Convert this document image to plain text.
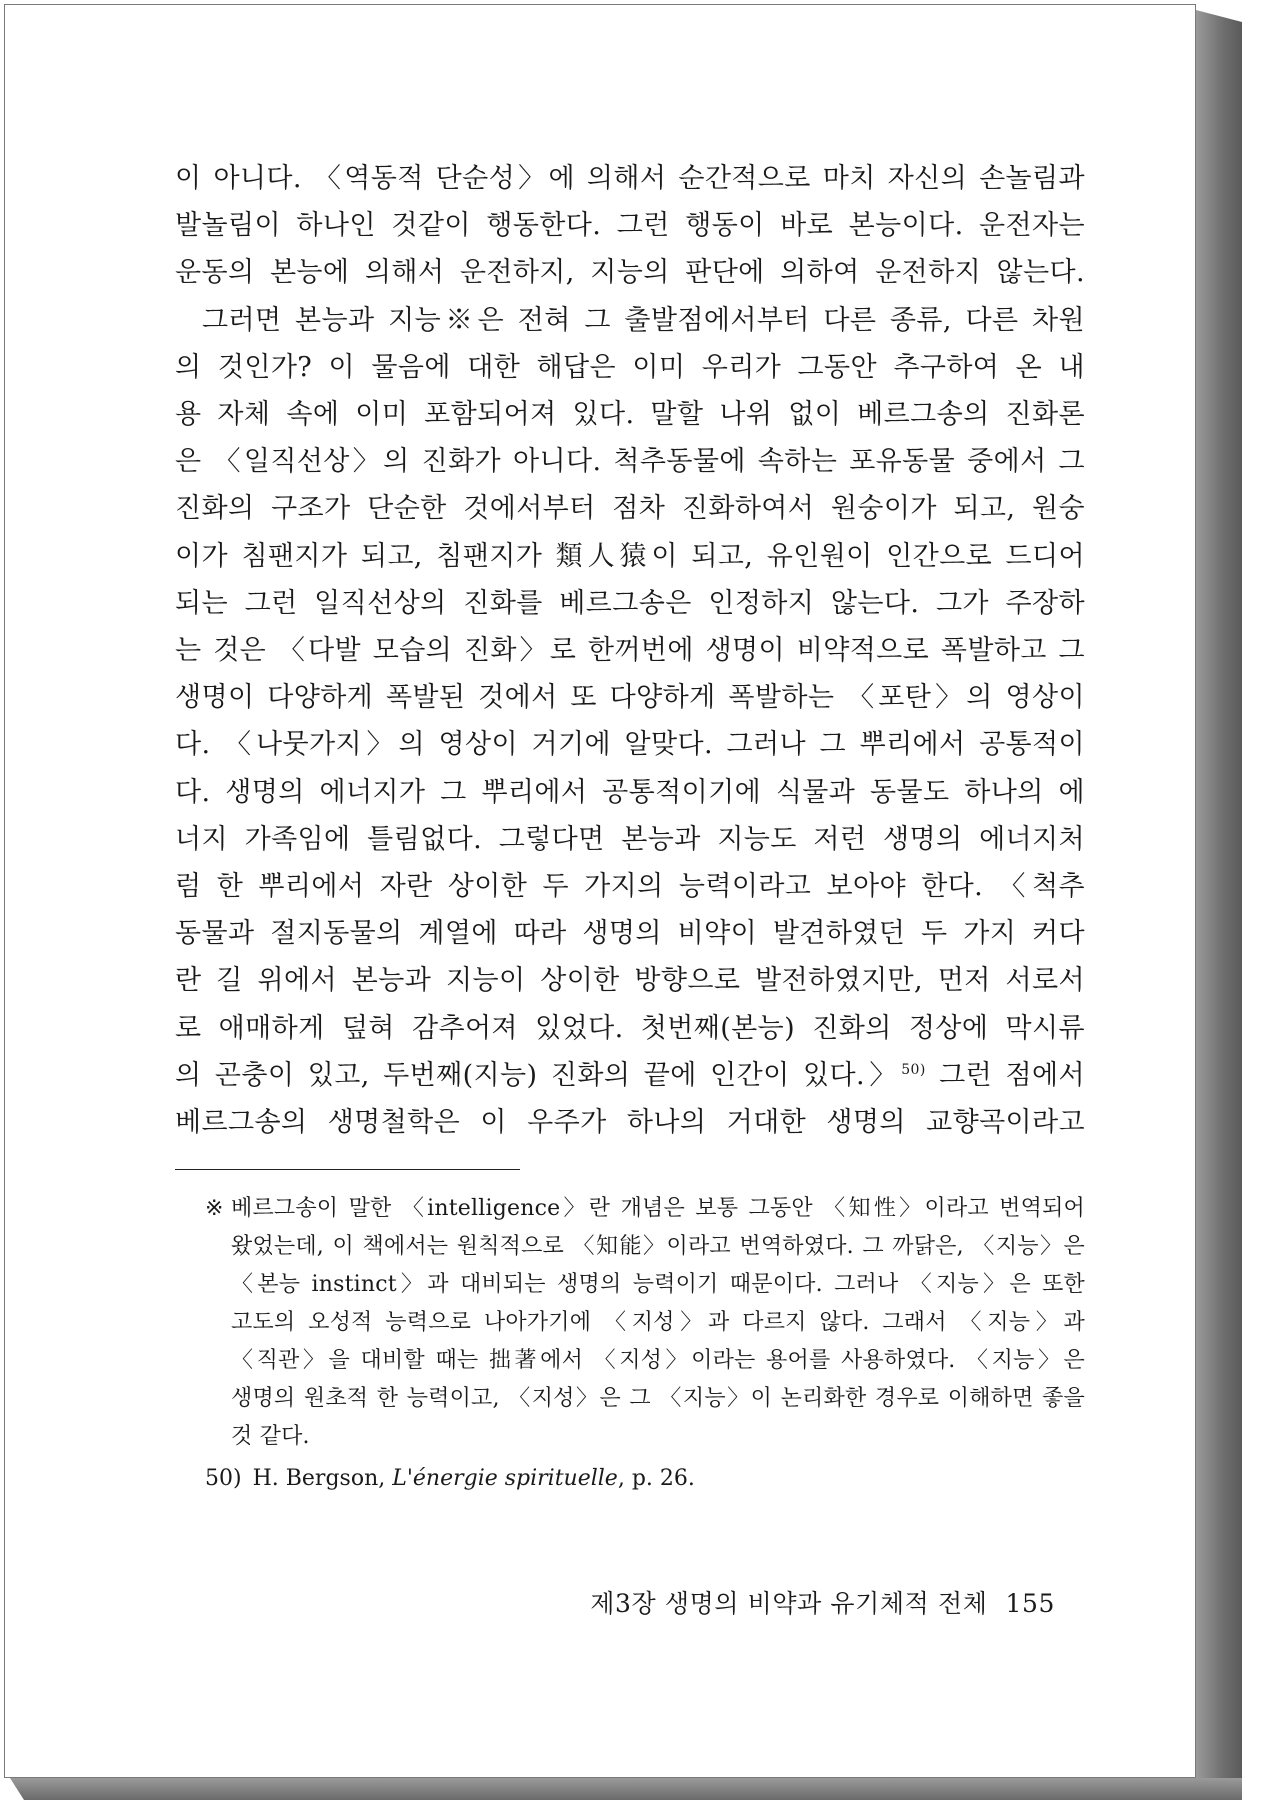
이 아니다. 〈역동적 단순성〉에 의해서 순간적으로 마치 자신의 손놀림과

발놀림이 하나인 것같이 행동한다. 그런 행동이 바로 본능이다. 운전자는

운동의 본능에 의해서 운전하지, 지능의 판단에 의하여 운전하지 않는다.

그러면 본능과 지능※은 전혀 그 출발점에서부터 다른 종류, 다른 차원

의 것인가? 이 물음에 대한 해답은 이미 우리가 그동안 추구하여 온 내

용 자체 속에 이미 포함되어져 있다. 말할 나위 없이 베르그송의 진화론

은 〈일직선상〉의 진화가 아니다. 척추동물에 속하는 포유동물 중에서 그

진화의 구조가 단순한 것에서부터 점차 진화하여서 원숭이가 되고, 원숭

이가 침팬지가 되고, 침팬지가 類人猿이 되고, 유인원이 인간으로 드디어

되는 그런 일직선상의 진화를 베르그송은 인정하지 않는다. 그가 주장하

는 것은 〈다발 모습의 진화〉로 한꺼번에 생명이 비약적으로 폭발하고 그

생명이 다양하게 폭발된 것에서 또 다양하게 폭발하는 〈포탄〉의 영상이

다. 〈나뭇가지〉의 영상이 거기에 알맞다. 그러나 그 뿌리에서 공통적이

다. 생명의 에너지가 그 뿌리에서 공통적이기에 식물과 동물도 하나의 에

너지 가족임에 틀림없다. 그렇다면 본능과 지능도 저런 생명의 에너지처

럼 한 뿌리에서 자란 상이한 두 가지의 능력이라고 보아야 한다. 〈척추

동물과 절지동물의 계열에 따라 생명의 비약이 발견하였던 두 가지 커다

란 길 위에서 본능과 지능이 상이한 방향으로 발전하였지만, 먼저 서로서

로 애매하게 덮혀 감추어져 있었다. 첫번째(본능) 진화의 정상에 막시류

의 곤충이 있고, 두번째(지능) 진화의 끝에 인간이 있다.〉$^{50)}$ 그런 점에서

베르그송의 생명철학은 이 우주가 하나의 거대한 생명의 교향곡이라고

※ 베르그송이 말한 〈intelligence〉란 개념은 보통 그동안 〈知性〉이라고 번역되어 왔었는데, 이 책에서는 원칙적으로 〈知能〉이라고 번역하였다. 그 까닭은, 〈지능〉은 〈본능 instinct〉과 대비되는 생명의 능력이기 때문이다. 그러나 〈지능〉은 또한 고도의 오성적 능력으로 나아가기에 〈지성〉과 다르지 않다. 그래서 〈지능〉과 〈직관〉을 대비할 때는 拙著에서 〈지성〉이라는 용어를 사용하였다. 〈지능〉은 생명의 원초적 한 능력이고, 〈지성〉은 그 〈지능〉이 논리화한 경우로 이해하면 좋을 것 같다.
50) H. Bergson, L'énergie spirituelle, p. 26.
제3장 생명의 비약과 유기체적 전체 155
